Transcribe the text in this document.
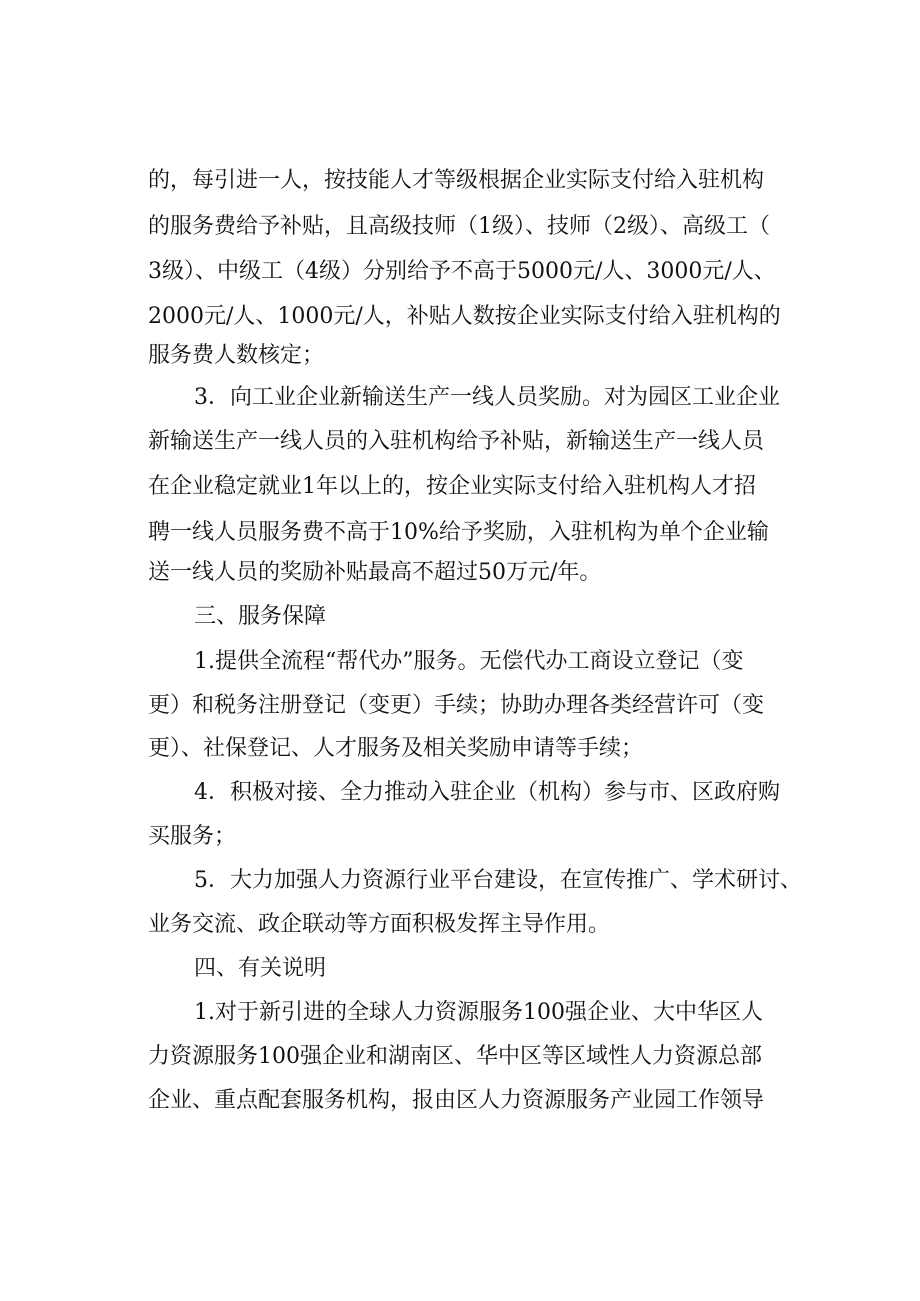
的，每引进一人，按技能人才等级根据企业实际支付给入驻机构
的服务费给予补贴，且高级技师（1级）、技师（2级）、高级工（
3级）、中级工（4级）分别给予不高于5000元/人、3000元/人、
2000元/人、1000元/人，补贴人数按企业实际支付给入驻机构的
服务费人数核定；
3．向工业企业新输送生产一线人员奖励。对为园区工业企业
新输送生产一线人员的入驻机构给予补贴，新输送生产一线人员
在企业稳定就业1年以上的，按企业实际支付给入驻机构人才招
聘一线人员服务费不高于10%给予奖励，入驻机构为单个企业输
送一线人员的奖励补贴最高不超过50万元/年。
三、服务保障
1.提供全流程“帮代办”服务。无偿代办工商设立登记（变
更）和税务注册登记（变更）手续；协助办理各类经营许可（变
更）、社保登记、人才服务及相关奖励申请等手续；
4．积极对接、全力推动入驻企业（机构）参与市、区政府购
买服务；
5．大力加强人力资源行业平台建设，在宣传推广、学术研讨、
业务交流、政企联动等方面积极发挥主导作用。
四、有关说明
1.对于新引进的全球人力资源服务100强企业、大中华区人
力资源服务100强企业和湖南区、华中区等区域性人力资源总部
企业、重点配套服务机构，报由区人力资源服务产业园工作领导
